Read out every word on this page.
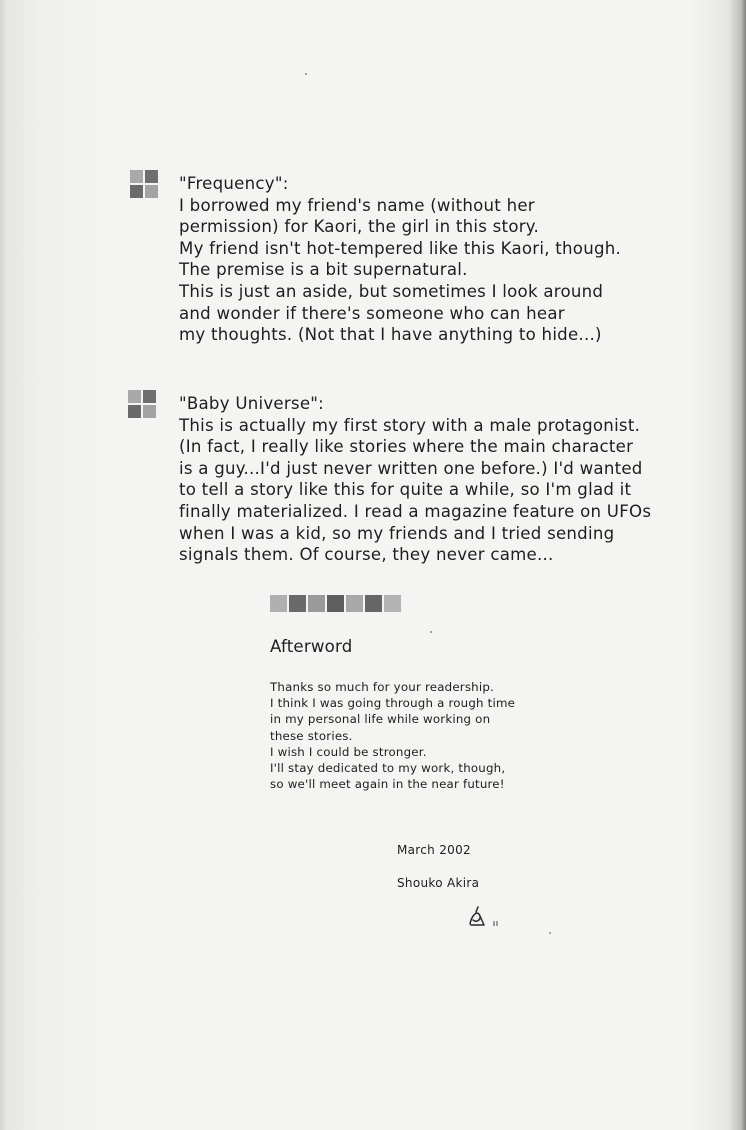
"Frequency":

I borrowed my friend's name (without her

permission) for Kaori, the girl in this story.

My friend isn't hot-tempered like this Kaori, though.

The premise is a bit supernatural.

This is just an aside, but sometimes I look around

and wonder if there's someone who can hear

my thoughts. (Not that I have anything to hide...)

"Baby Universe":

This is actually my first story with a male protagonist.

(In fact, I really like stories where the main character

is a guy...I'd just never written one before.) I'd wanted

to tell a story like this for quite a while, so I'm glad it

finally materialized. I read a magazine feature on UFOs

when I was a kid, so my friends and I tried sending

signals them. Of course, they never came...

Afterword

Thanks so much for your readership.

I think I was going through a rough time

in my personal life while working on

these stories.

I wish I could be stronger.

I'll stay dedicated to my work, though,

so we'll meet again in the near future!

March 2002
Shouko Akira
